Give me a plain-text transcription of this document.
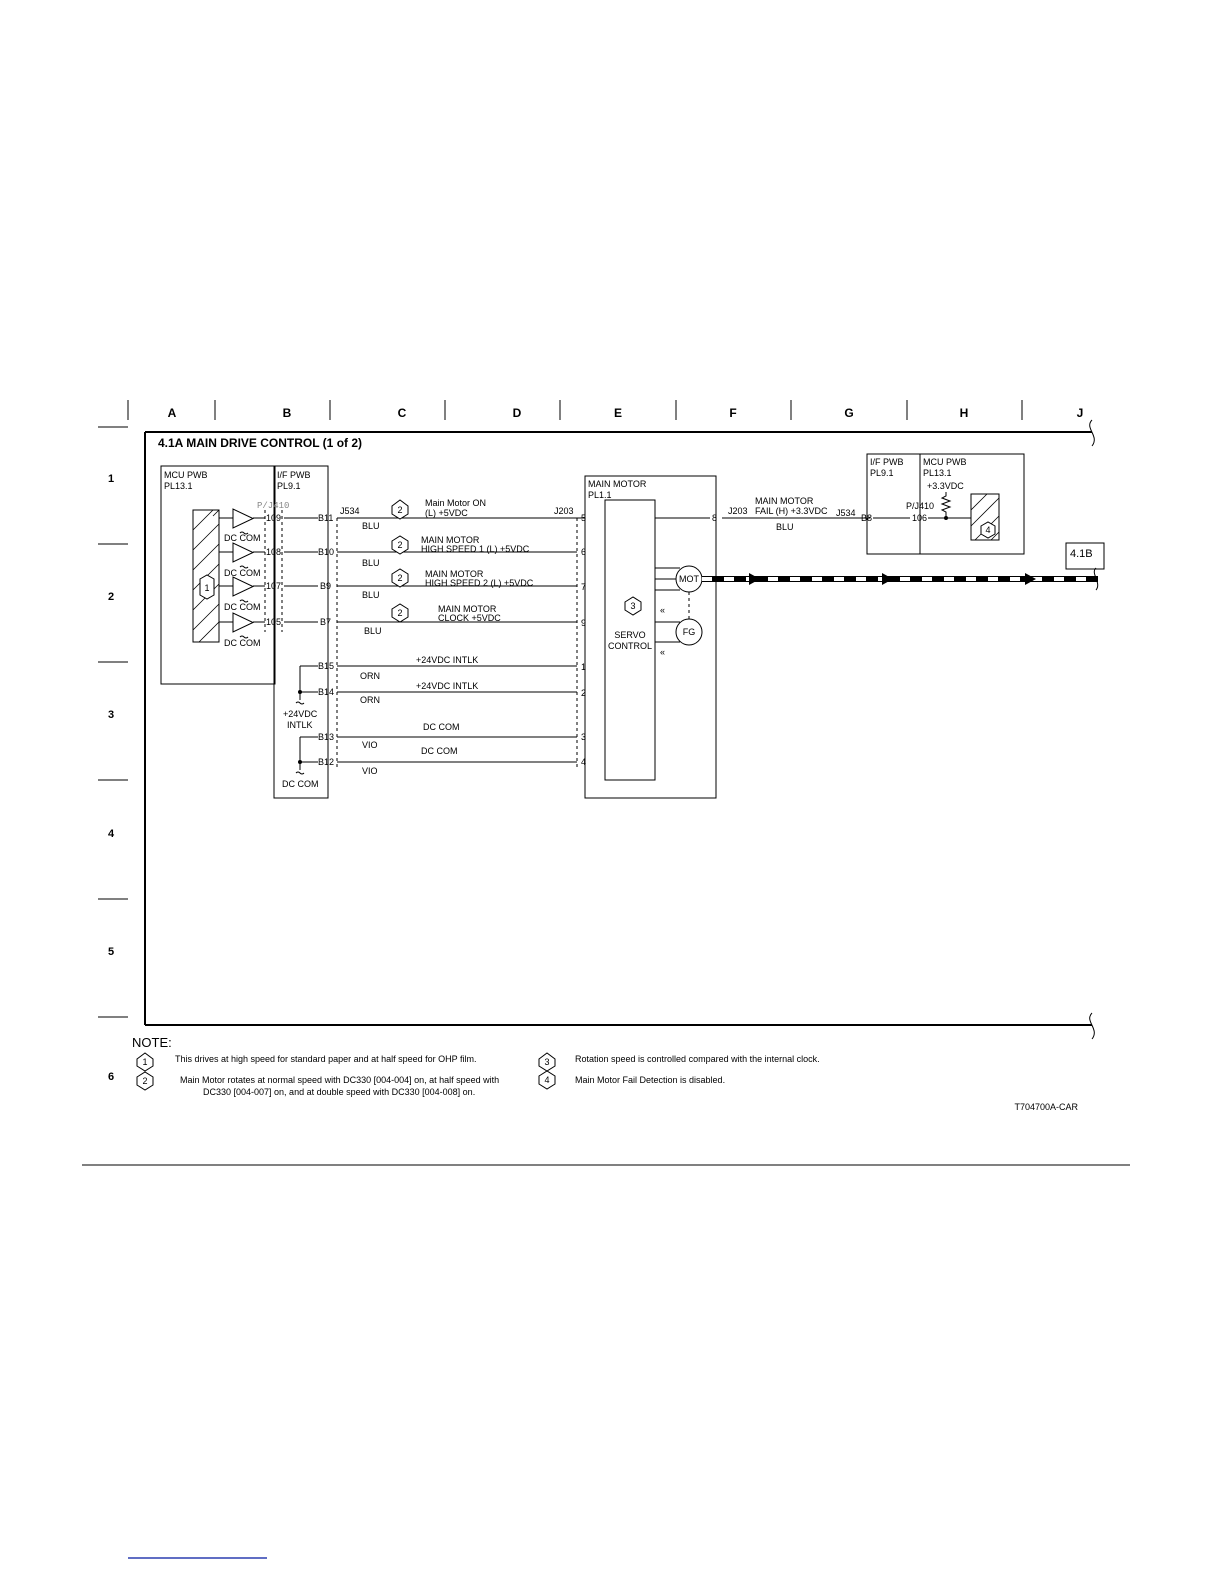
A	B	C	D	E	F	G	H	J
1
2
3
4
5
6
4.1A MAIN DRIVE CONTROL (1 of 2)
MCU PWB
PL13.1
1
DC COM
DC COM
DC COM
DC COM
I/F PWB
PL9.1
P/J410
109
108
107
105
+24VDC
INTLK
DC COM
B11
B10
B9
B7
B15
B14
B13
B12
J534	J203
BLU
BLU
BLU
BLU
ORN
ORN
VIO
VIO
2
2
2
2
Main Motor ON
(L) +5VDC
MAIN MOTOR
HIGH SPEED 1 (L) +5VDC
MAIN MOTOR
HIGH SPEED 2 (L) +5VDC
MAIN MOTOR
CLOCK +5VDC
+24VDC INTLK
+24VDC INTLK
DC COM
DC COM
5
6
7
9
1
2
3
4
MAIN MOTOR
PL1.1
3
SERVO
CONTROL
MOT
FG
«
«
4.1B
8
J203
MAIN MOTOR
FAIL (H) +3.3VDC J534
BLU
I/F PWB
PL9.1
MCU PWB
PL13.1
+3.3VDC
P/J410
B8	106
4
NOTE:
1	This drives at high speed for standard paper and at half speed for OHP film.
2	Main Motor rotates at normal speed with DC330 [004-004] on, at half speed with
DC330 [004-007] on, and at double speed with DC330 [004-008] on.
3	Rotation speed is controlled compared with the internal clock.
4	Main Motor Fail Detection is disabled.
T704700A-CAR
